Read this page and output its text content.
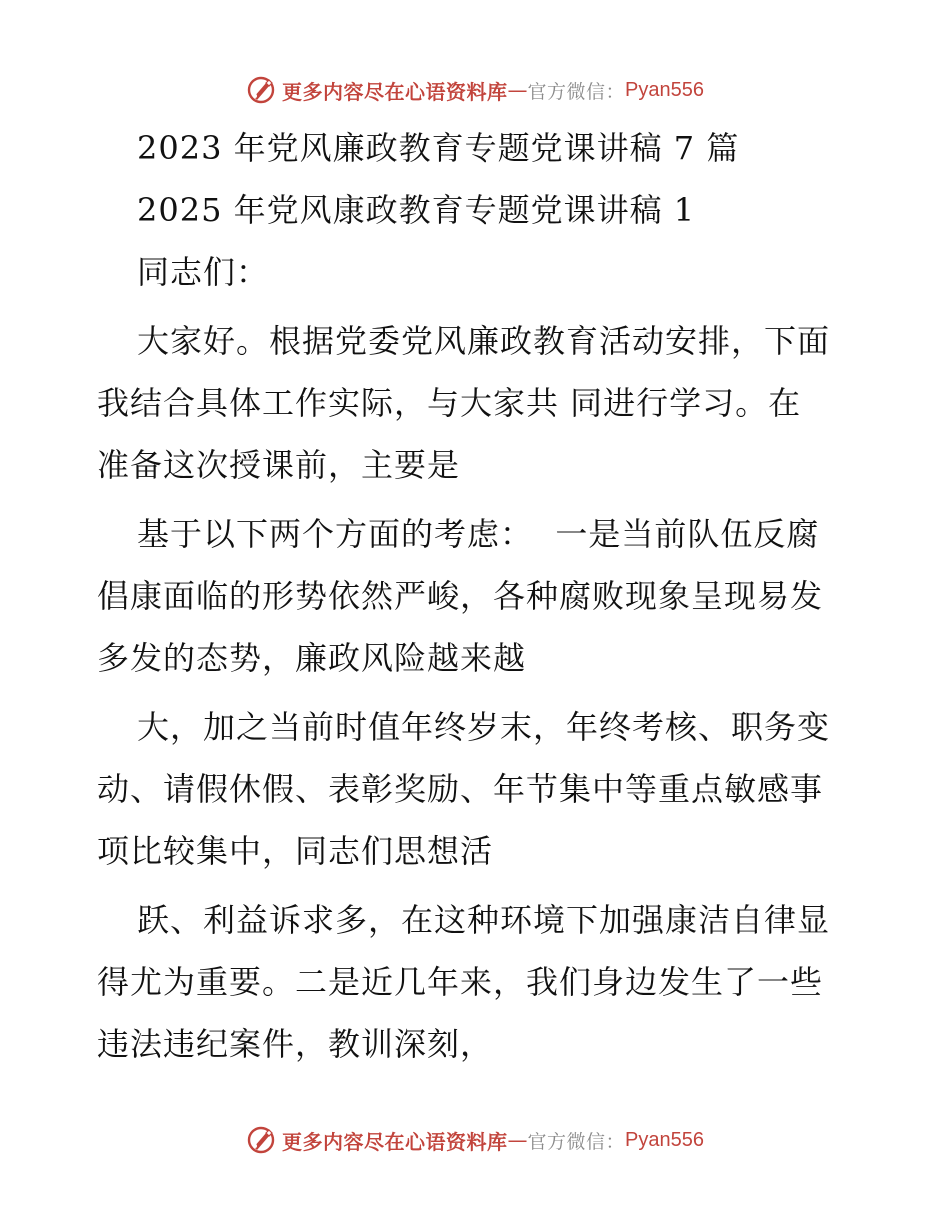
更多内容尽在心语资料库 — 官方微信： Pyan556
2023 年党风廉政教育专题党课讲稿 7 篇
2025 年党风康政教育专题党课讲稿 1
同志们：
大家好。根据党委党风廉政教育活动安排，下面
我结合具体工作实际，与大家共 同进行学习。在
准备这次授课前，主要是
基于以下两个方面的考虑：  一是当前队伍反腐
倡康面临的形势依然严峻，各种腐败现象呈现易发
多发的态势，廉政风险越来越
大，加之当前时值年终岁末，年终考核、职务变
动、请假休假、表彰奖励、年节集中等重点敏感事
项比较集中，同志们思想活
跃、利益诉求多，在这种环境下加强康洁自律显
得尤为重要。二是近几年来，我们身边发生了一些
违法违纪案件，教训深刻，
更多内容尽在心语资料库 — 官方微信： Pyan556
